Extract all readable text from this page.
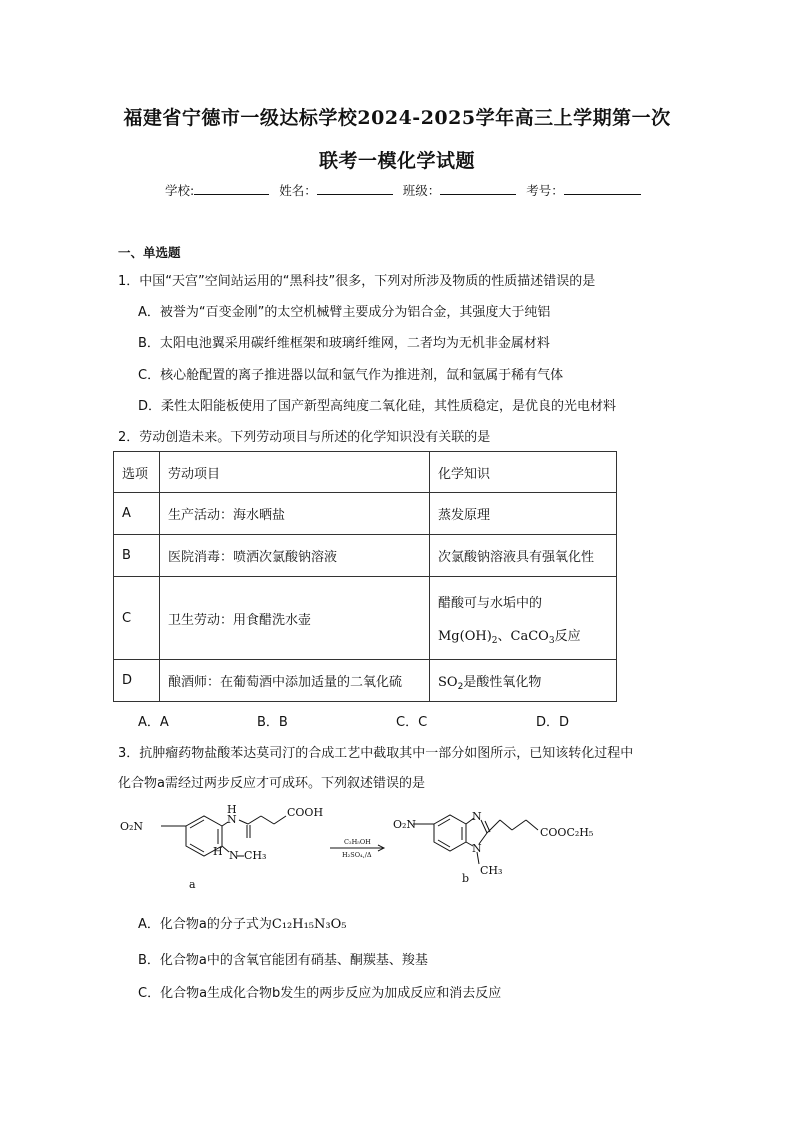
福建省宁德市一级达标学校2024-2025学年高三上学期第一次
联考一模化学试题
学校:	姓名：	班级：	考号：
一、单选题
1．中国“天宫”空间站运用的“黑科技”很多，下列对所涉及物质的性质描述错误的是
A．被誉为“百变金刚”的太空机械臂主要成分为铝合金，其强度大于纯铝
B．太阳电池翼采用碳纤维框架和玻璃纤维网，二者均为无机非金属材料
C．核心舱配置的离子推进器以氙和氩气作为推进剂，氙和氩属于稀有气体
D．柔性太阳能板使用了国产新型高纯度二氧化硅，其性质稳定，是优良的光电材料
2．劳动创造未来。下列劳动项目与所述的化学知识没有关联的是
选项	劳动项目	化学知识
A	生产活动：海水晒盐	蒸发原理
B	医院消毒：喷洒次氯酸钠溶液	次氯酸钠溶液具有强氧化性
C	卫生劳动：用食醋洗水壶	醋酸可与水垢中的
$Mg(OH)_2$、CaCO$_3$反应

D	酿酒师：在葡萄酒中添加适量的二氧化硫	$SO_2$是酸性氧化物
A．A	B．B	C．C	D．D
3．抗肿瘤药物盐酸苯达莫司汀的合成工艺中截取其中一部分如图所示，已知该转化过程中
化合物a需经过两步反应才可成环。下列叙述错误的是
O₂N
N
H	COOH
N
H CH₃
a
C₂H₅OH
H₂SO₄,/Δ
O₂N
N
N
COOC₂H₅
CH₃
b
A．化合物a的分子式为C₁₂H₁₅N₃O₅
B．化合物a中的含氧官能团有硝基、酮羰基、羧基
C．化合物a生成化合物b发生的两步反应为加成反应和消去反应
